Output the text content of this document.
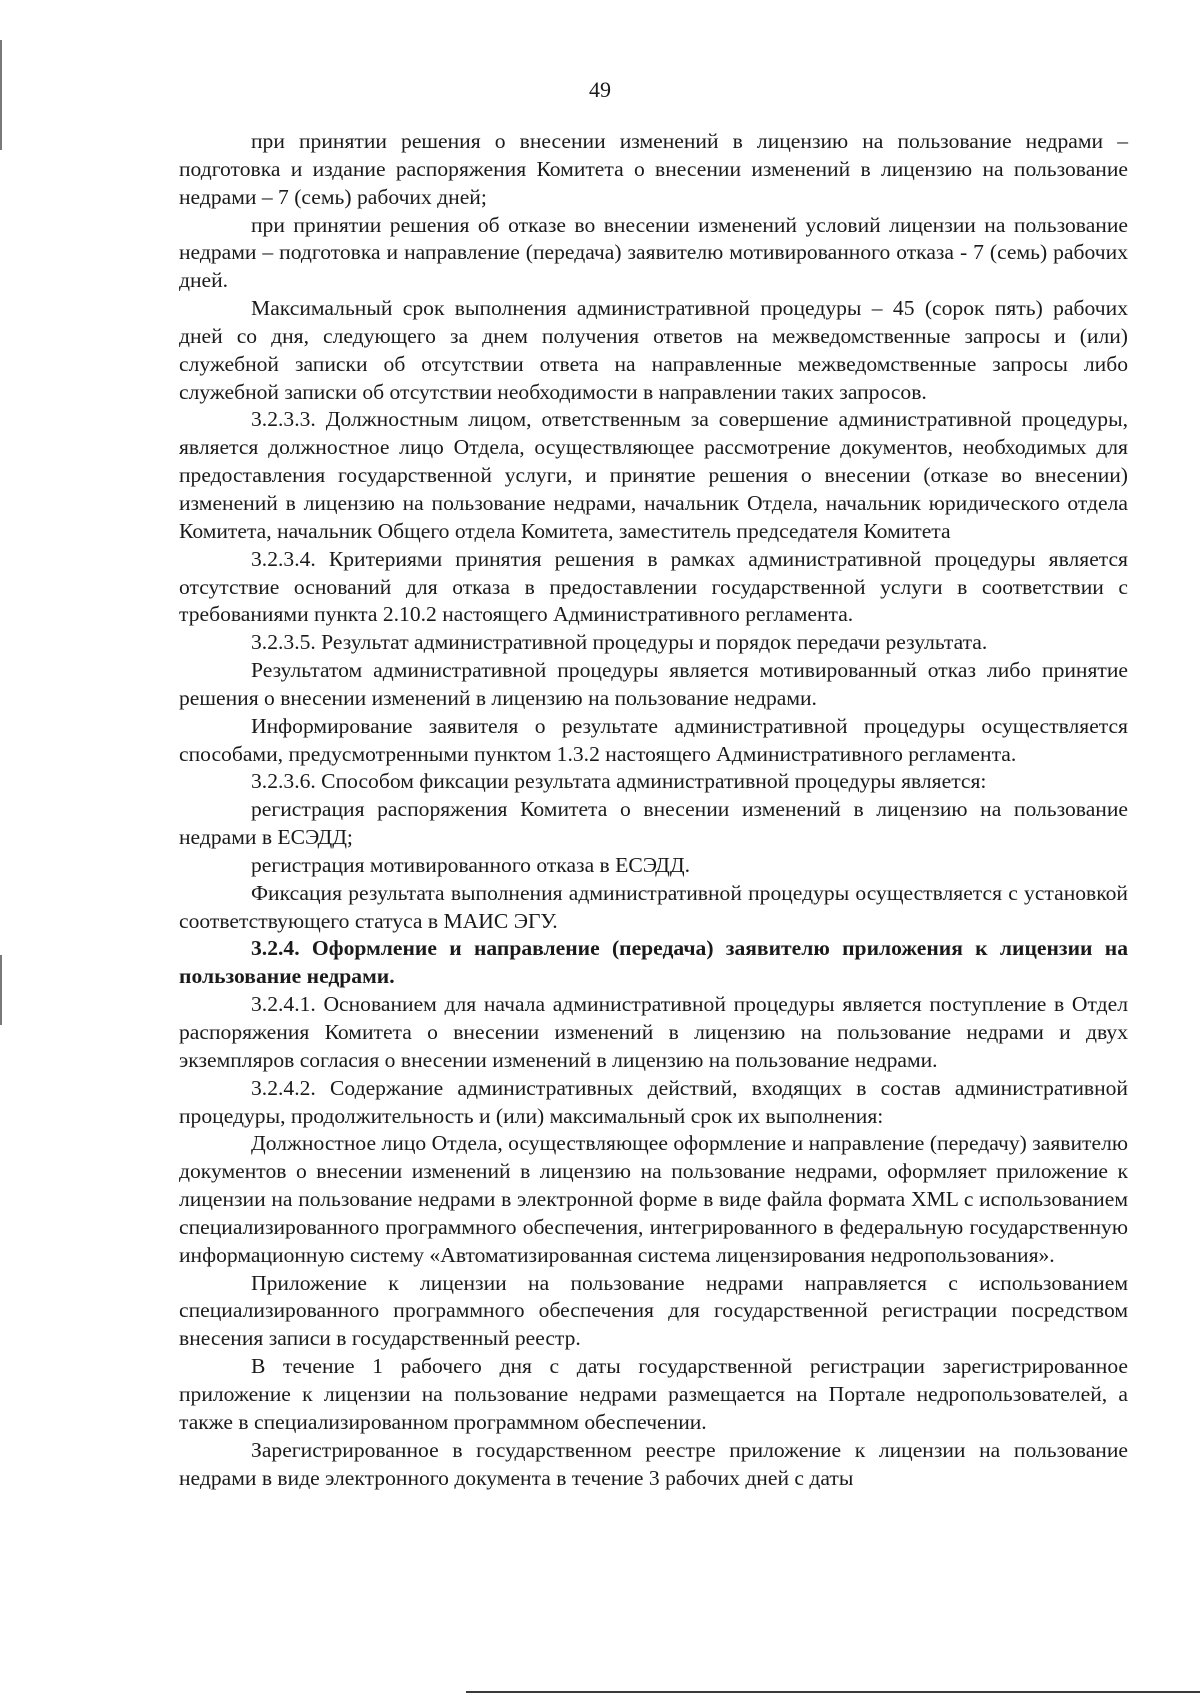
49

при принятии решения о внесении изменений в лицензию на пользование недрами – подготовка и издание распоряжения Комитета о внесении изменений в лицензию на пользование недрами – 7 (семь) рабочих дней;

при принятии решения об отказе во внесении изменений условий лицензии на пользование недрами – подготовка и направление (передача) заявителю мотивированного отказа - 7 (семь) рабочих дней.

Максимальный срок выполнения административной процедуры – 45 (сорок пять) рабочих дней со дня, следующего за днем получения ответов на межведомственные запросы и (или) служебной записки об отсутствии ответа на направленные межведомственные запросы либо служебной записки об отсутствии необходимости в направлении таких запросов.

3.2.3.3. Должностным лицом, ответственным за совершение административной процедуры, является должностное лицо Отдела, осуществляющее рассмотрение документов, необходимых для предоставления государственной услуги, и принятие решения о внесении (отказе во внесении) изменений в лицензию на пользование недрами, начальник Отдела, начальник юридического отдела Комитета, начальник Общего отдела Комитета, заместитель председателя Комитета

3.2.3.4. Критериями принятия решения в рамках административной процедуры является отсутствие оснований для отказа в предоставлении государственной услуги в соответствии с требованиями пункта 2.10.2 настоящего Административного регламента.

3.2.3.5. Результат административной процедуры и порядок передачи результата.

Результатом административной процедуры является мотивированный отказ либо принятие решения о внесении изменений в лицензию на пользование недрами.

Информирование заявителя о результате административной процедуры осуществляется способами, предусмотренными пунктом 1.3.2 настоящего Административного регламента.

3.2.3.6. Способом фиксации результата административной процедуры является:

регистрация распоряжения Комитета о внесении изменений в лицензию на пользование недрами в ЕСЭДД;

регистрация мотивированного отказа в ЕСЭДД.

Фиксация результата выполнения административной процедуры осуществляется с установкой соответствующего статуса в МАИС ЭГУ.

3.2.4. Оформление и направление (передача) заявителю приложения к лицензии на пользование недрами.

3.2.4.1. Основанием для начала административной процедуры является поступление в Отдел распоряжения Комитета о внесении изменений в лицензию на пользование недрами и двух экземпляров согласия о внесении изменений в лицензию на пользование недрами.

3.2.4.2. Содержание административных действий, входящих в состав административной процедуры, продолжительность и (или) максимальный срок их выполнения:

Должностное лицо Отдела, осуществляющее оформление и направление (передачу) заявителю документов о внесении изменений в лицензию на пользование недрами, оформляет приложение к лицензии на пользование недрами в электронной форме в виде файла формата XML с использованием специализированного программного обеспечения, интегрированного в федеральную государственную информационную систему «Автоматизированная система лицензирования недропользования».

Приложение к лицензии на пользование недрами направляется с использованием специализированного программного обеспечения для государственной регистрации посредством внесения записи в государственный реестр.

В течение 1 рабочего дня с даты государственной регистрации зарегистрированное приложение к лицензии на пользование недрами размещается на Портале недропользователей, а также в специализированном программном обеспечении.

Зарегистрированное в государственном реестре приложение к лицензии на пользование недрами в виде электронного документа в течение 3 рабочих дней с даты
